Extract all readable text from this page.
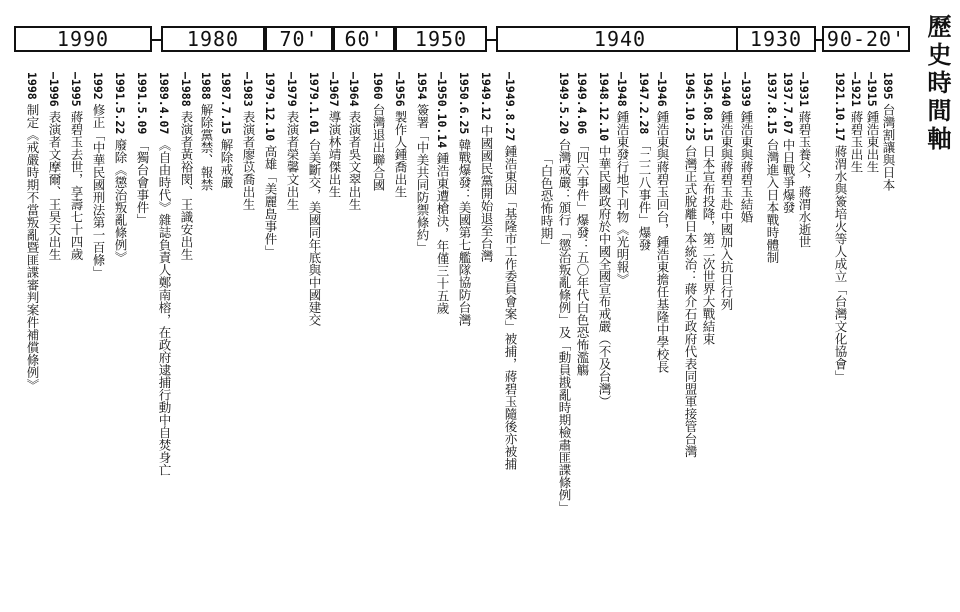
1990	1980	70'	60'	1950	1940	1930	90-20' 歷史時間軸
1895 台灣割讓與日本
—1915 鍾浩東出生
—1921 蔣碧玉出生
1921.10.17 蔣渭水與簽培火等人成立「台灣文化協會」
—1931 蔣碧玉養父，蔣渭水逝世
1937.7.07 中日戰爭爆發
1937.8.15 台灣進入日本戰時體制
—1939 鍾浩東與蔣碧玉結婚
—1940 鍾浩東與蔣碧玉赴中國加入抗日行列
1945.08.15 日本宣布投降，第二次世界大戰結束
1945.10.25 台灣正式脫離日本統治：蔣介石政府代表同盟軍接管台灣
—1946 鍾浩東與蔣碧玉回台，鍾浩東擔任基隆中學校長
1947.2.28 「二二八事件」爆發
—1948 鍾浩東發行地下刊物《光明報》
1948.12.10 中華民國政府於中國全國宣布戒嚴（不及台灣）
1949.4.06 「四六事件」爆發：五〇年代白色恐怖濫觴
1949.5.20 台灣戒嚴：頒行「懲治叛亂條例」及「動員戡亂時期檢肅匪諜條例」
「白色恐怖時期」
—1949.8.27 鍾浩東因「基隆市工作委員會案」被捕，蔣碧玉隨後亦被捕
1949.12 中國國民黨開始退至台灣
1950.6.25 韓戰爆發：美國第七艦隊協防台灣
—1950.10.14 鍾浩東遭槍決，年僅三十五歲
1954 簽署「中美共同防禦條約」
—1956 製作人鍾喬出生
1960 台灣退出聯合國
—1964 表演者吳文翠出生
—1967 導演林靖傑出生
1979.1.01 台美斷交，美國同年底與中國建交
—1979 表演者榮馨文出生
1979.12.10 高雄「美麗島事件」
—1983 表演者廖苡喬出生
1987.7.15 解除戒嚴
1988 解除黨禁、報禁
—1988 表演者黃裕閔、王識安出生
1989.4.07 《自由時代》雜誌負責人鄭南榕，在政府逮捕行動中自焚身亡
1991.5.09 「獨台會事件」
1991.5.22 廢除《懲治叛亂條例》
1992 修正「中華民國刑法第一百條」
—1995 蔣碧玉去世，享壽七十四歲
—1996 表演者文摩爾、王昊天出生
1998 制定《戒嚴時期不當叛亂暨匪諜審判案件補償條例》
